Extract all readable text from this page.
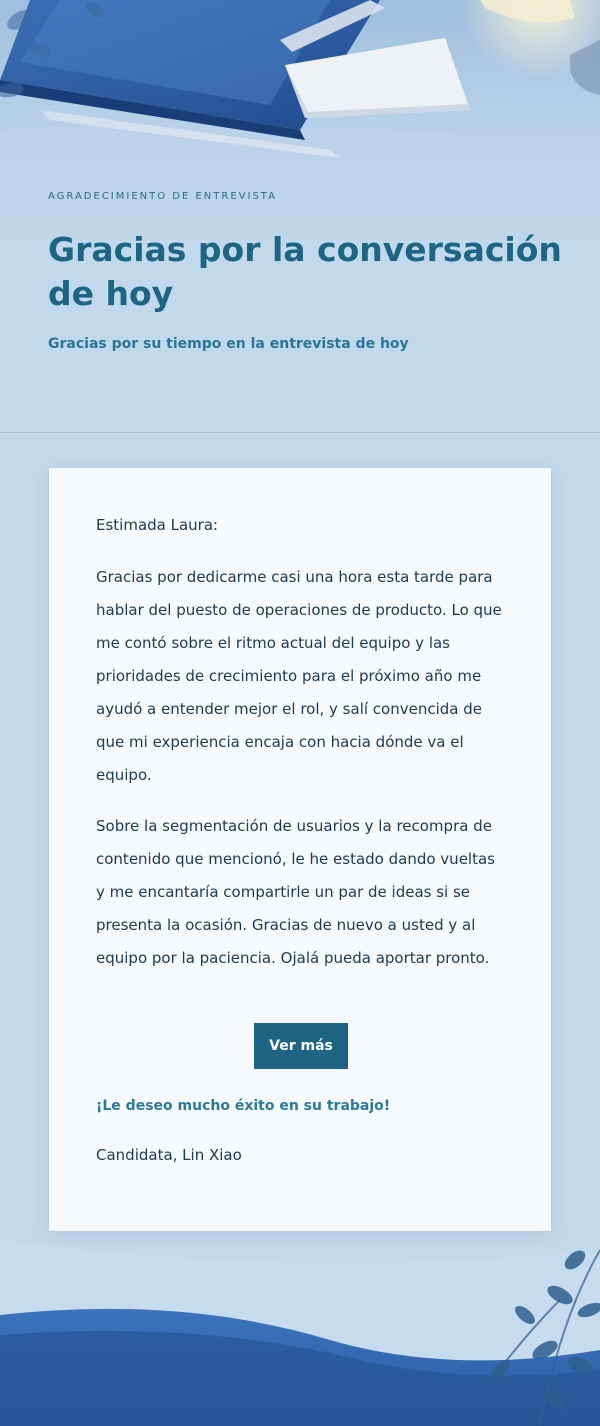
AGRADECIMIENTO DE ENTREVISTA
Gracias por la conversación de hoy
Gracias por su tiempo en la entrevista de hoy

Estimada Laura:

Gracias por dedicarme casi una hora esta tarde para hablar del puesto de operaciones de producto. Lo que me contó sobre el ritmo actual del equipo y las prioridades de crecimiento para el próximo año me ayudó a entender mejor el rol, y salí convencida de que mi experiencia encaja con hacia dónde va el equipo.

Sobre la segmentación de usuarios y la recompra de contenido que mencionó, le he estado dando vueltas y me encantaría compartirle un par de ideas si se presenta la ocasión. Gracias de nuevo a usted y al equipo por la paciencia. Ojalá pueda aportar pronto.

Ver más

¡Le deseo mucho éxito en su trabajo!

Candidata, Lin Xiao
